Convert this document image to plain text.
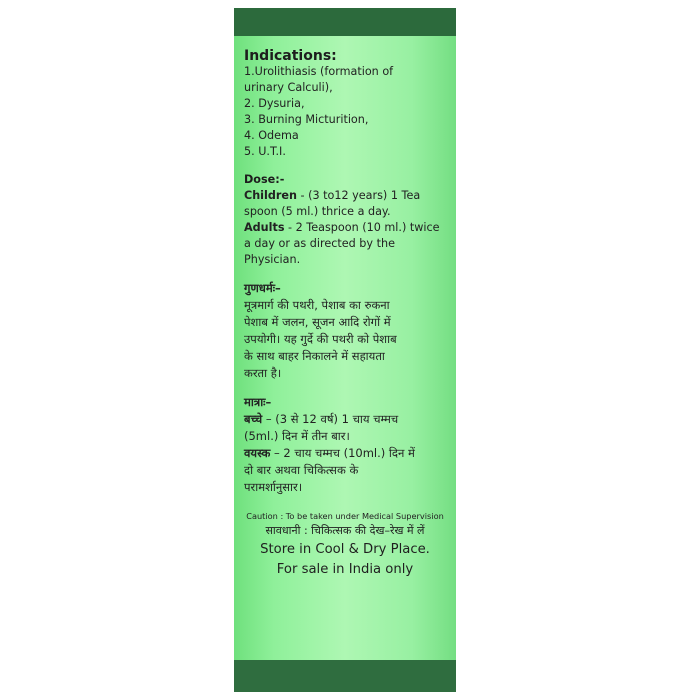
Indications:
1.Urolithiasis (formation of
urinary Calculi),
2. Dysuria,
3. Burning Micturition,
4. Odema
5. U.T.I.
Dose:-
Children - (3 to12 years) 1 Tea
spoon (5 ml.) thrice a day.
Adults - 2 Teaspoon (10 ml.) twice
a day or as directed by the
Physician.
गुणधर्मः–
मूत्रमार्ग की पथरी, पेशाब का रुकना
पेशाब में जलन, सूजन आदि रोगों में
उपयोगी। यह गुर्दे की पथरी को पेशाब
के साथ बाहर निकालने में सहायता
करता है।
मात्राः–
बच्चे – (3 से 12 वर्ष) 1 चाय चम्मच
(5ml.) दिन में तीन बार।
वयस्क – 2 चाय चम्मच (10ml.) दिन में
दो बार अथवा चिकित्सक के
परामर्शानुसार।
Caution : To be taken under Medical Supervision
सावधानी : चिकित्सक की देख–रेख में लें
Store in Cool & Dry Place.
For sale in India only
